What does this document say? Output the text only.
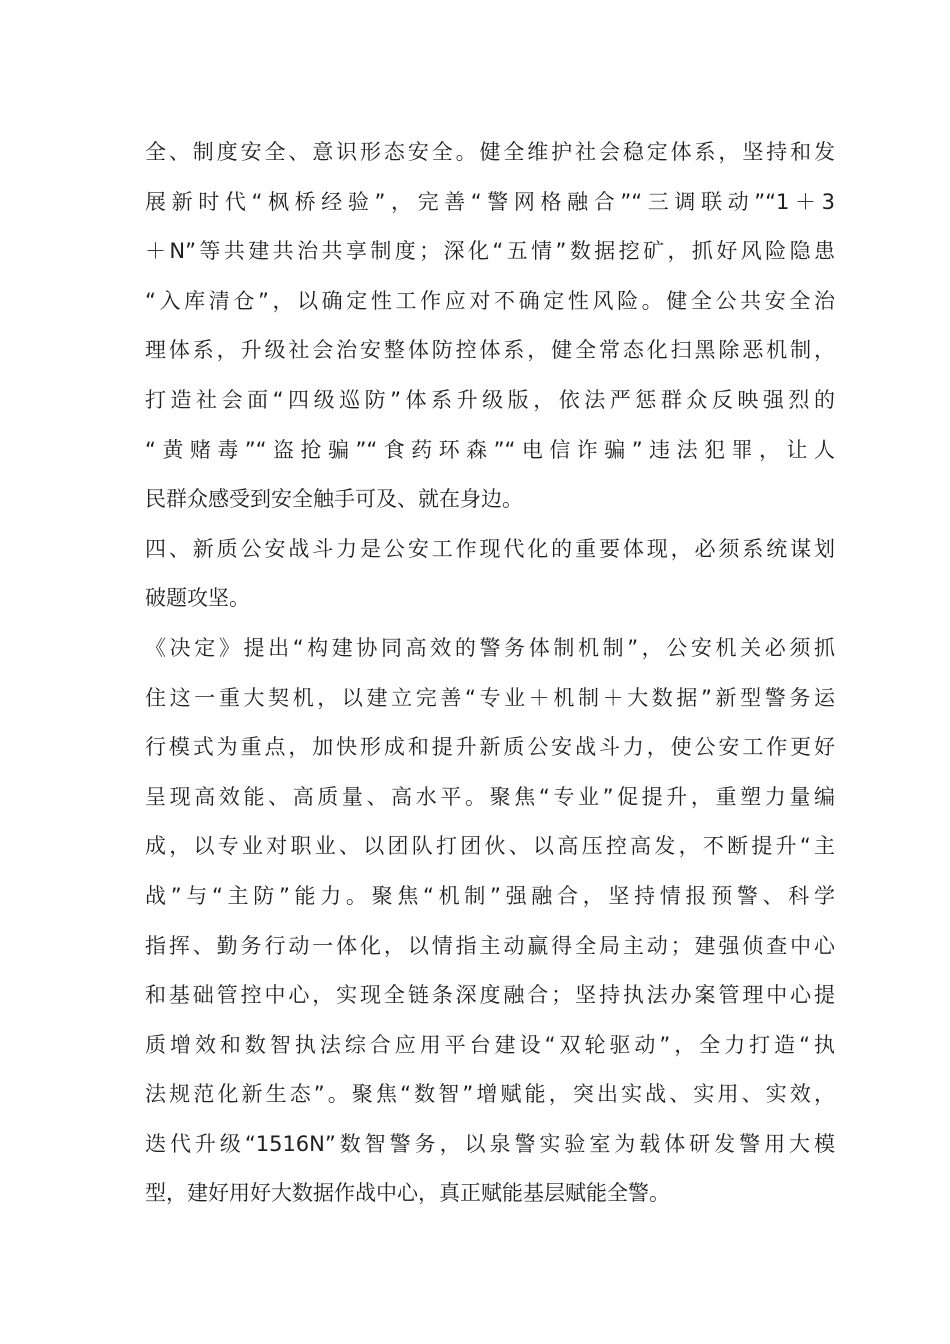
全、制度安全、意识形态安全。健全维护社会稳定体系，坚持和发
展新时代“枫桥经验”，完善“警网格融合”“三调联动”“1＋3
＋N”等共建共治共享制度；深化“五情”数据挖矿，抓好风险隐患
“入库清仓”，以确定性工作应对不确定性风险。健全公共安全治
理体系，升级社会治安整体防控体系，健全常态化扫黑除恶机制，
打造社会面“四级巡防”体系升级版，依法严惩群众反映强烈的
“黄赌毒”“盗抢骗”“食药环森”“电信诈骗”违法犯罪，让人
民群众感受到安全触手可及、就在身边。
四、新质公安战斗力是公安工作现代化的重要体现，必须系统谋划
破题攻坚。
《决定》提出“构建协同高效的警务体制机制”，公安机关必须抓
住这一重大契机，以建立完善“专业＋机制＋大数据”新型警务运
行模式为重点，加快形成和提升新质公安战斗力，使公安工作更好
呈现高效能、高质量、高水平。聚焦“专业”促提升，重塑力量编
成，以专业对职业、以团队打团伙、以高压控高发，不断提升“主
战”与“主防”能力。聚焦“机制”强融合，坚持情报预警、科学
指挥、勤务行动一体化，以情指主动赢得全局主动；建强侦查中心
和基础管控中心，实现全链条深度融合；坚持执法办案管理中心提
质增效和数智执法综合应用平台建设“双轮驱动”，全力打造“执
法规范化新生态”。聚焦“数智”增赋能，突出实战、实用、实效，
迭代升级“1516N”数智警务，以泉警实验室为载体研发警用大模
型，建好用好大数据作战中心，真正赋能基层赋能全警。
